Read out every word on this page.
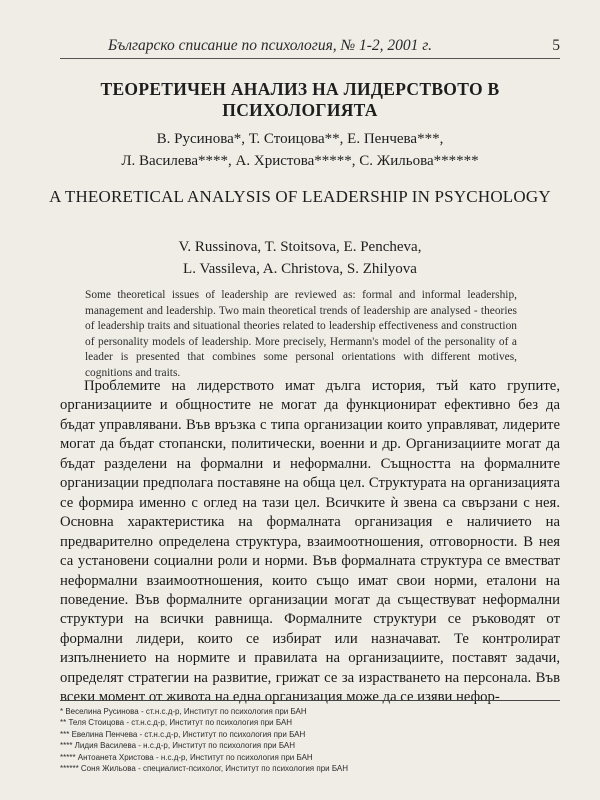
Българско списание по психология, № 1-2, 2001 г.	5
ТЕОРЕТИЧЕН АНАЛИЗ НА ЛИДЕРСТВОТО В ПСИХОЛОГИЯТА
В. Русинова*, Т. Стоицова**, Е. Пенчева***,
Л. Василева****, А. Христова*****, С. Жильова******
A THEORETICAL ANALYSIS OF LEADERSHIP IN PSYCHOLOGY
V. Russinova, T. Stoitsova, E. Pencheva,
L. Vassileva, A. Christova, S. Zhilyova
Some theoretical issues of leadership are reviewed as: formal and informal leadership, management and leadership. Two main theoretical trends of leadership are analysed - theories of leadership traits and situational theories related to leadership effectiveness and construction of personality models of leadership. More precisely, Hermann's model of the personality of a leader is presented that combines some personal orientations with different motives, cognitions and traits.

Проблемите на лидерството имат дълга история, тъй като групите, организациите и общностите не могат да функционират ефективно без да бъдат управлявани. Във връзка с типа организации които управляват, лидерите могат да бъдат стопански, политически, военни и др. Организациите могат да бъдат разделени на формални и неформални. Същността на формалните организации предполага поставяне на обща цел. Структурата на организацията се формира именно с оглед на тази цел. Всичките ѝ звена са свързани с нея. Основна характеристика на формалната организация е наличието на предварително определена структура, взаимоотношения, отговорности. В нея са установени социални роли и норми. Във формалната структура се вместват неформални взаимоотношения, които също имат свои норми, еталони на поведение. Във формалните организации могат да съществуват неформални структури на всички равнища. Формалните структури се ръководят от формални лидери, които се избират или назначават. Те контролират изпълнението на нормите и правилата на организациите, поставят задачи, определят стратегии на развитие, грижат се за израстването на персонала. Във всеки момент от живота на една организация може да се изяви нефор-

* Веселина Русинова - ст.н.с.д-р, Институт по психология при БАН
** Теля Стоицова - ст.н.с.д-р, Институт по психология при БАН
*** Евелина Пенчева - ст.н.с.д-р, Институт по психология при БАН
**** Лидия Василева - н.с.д-р, Институт по психология при БАН
***** Антоанета Христова - н.с.д-р, Институт по психология при БАН
****** Соня Жильова - специалист-психолог, Институт по психология при БАН
